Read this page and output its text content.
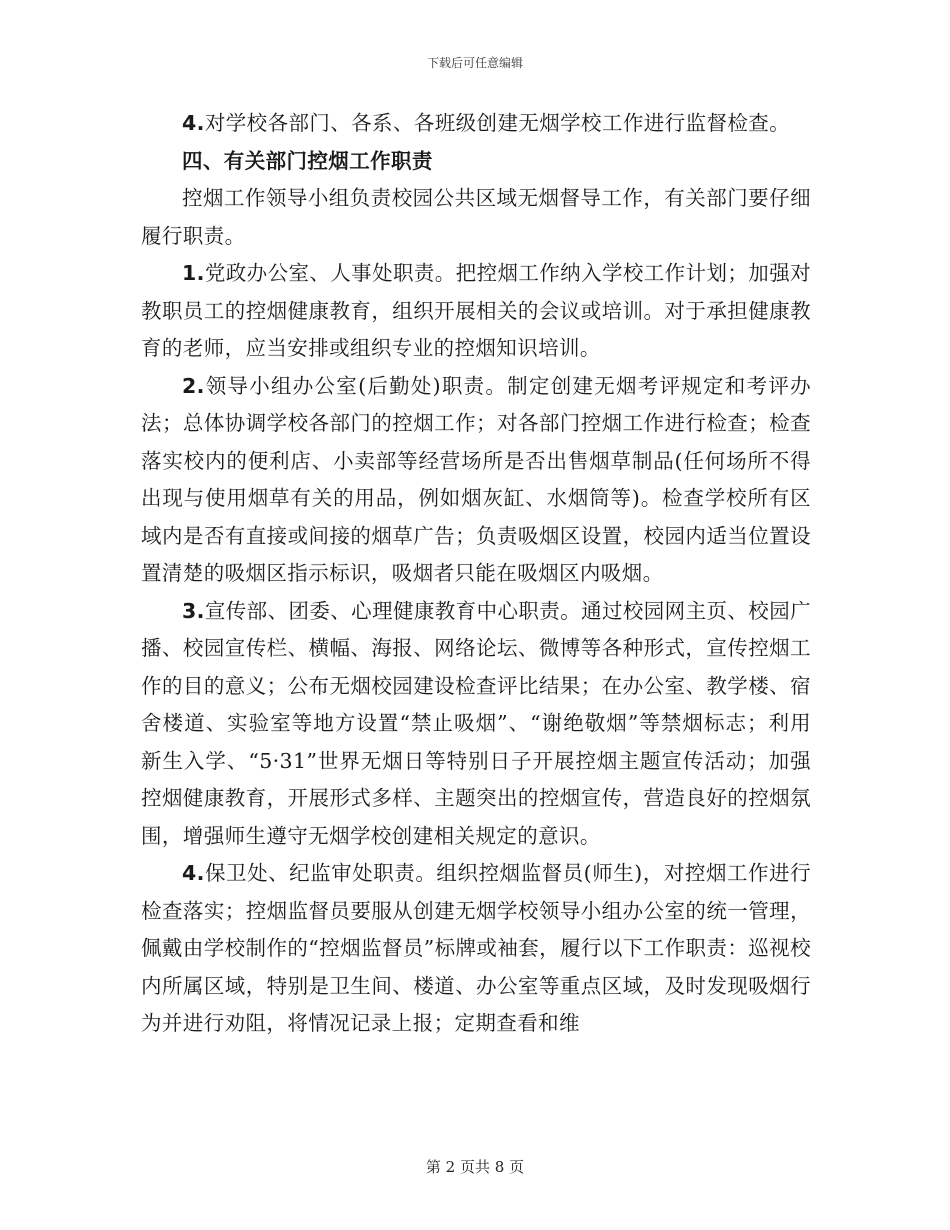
下载后可任意编辑

4.对学校各部门、各系、各班级创建无烟学校工作进行监督检查。

四、有关部门控烟工作职责

控烟工作领导小组负责校园公共区域无烟督导工作，有关部门要仔细履行职责。

1.党政办公室、人事处职责。把控烟工作纳入学校工作计划；加强对教职员工的控烟健康教育，组织开展相关的会议或培训。对于承担健康教育的老师，应当安排或组织专业的控烟知识培训。

2.领导小组办公室(后勤处)职责。制定创建无烟考评规定和考评办法；总体协调学校各部门的控烟工作；对各部门控烟工作进行检查；检查落实校内的便利店、小卖部等经营场所是否出售烟草制品(任何场所不得出现与使用烟草有关的用品，例如烟灰缸、水烟筒等)。检查学校所有区域内是否有直接或间接的烟草广告；负责吸烟区设置，校园内适当位置设置清楚的吸烟区指示标识，吸烟者只能在吸烟区内吸烟。

3.宣传部、团委、心理健康教育中心职责。通过校园网主页、校园广播、校园宣传栏、横幅、海报、网络论坛、微博等各种形式，宣传控烟工作的目的意义；公布无烟校园建设检查评比结果；在办公室、教学楼、宿舍楼道、实验室等地方设置“禁止吸烟”、“谢绝敬烟”等禁烟标志；利用新生入学、“5·31”世界无烟日等特别日子开展控烟主题宣传活动；加强控烟健康教育，开展形式多样、主题突出的控烟宣传，营造良好的控烟氛围，增强师生遵守无烟学校创建相关规定的意识。

4.保卫处、纪监审处职责。组织控烟监督员(师生)，对控烟工作进行检查落实；控烟监督员要服从创建无烟学校领导小组办公室的统一管理，佩戴由学校制作的“控烟监督员”标牌或袖套，履行以下工作职责：巡视校内所属区域，特别是卫生间、楼道、办公室等重点区域，及时发现吸烟行为并进行劝阻，将情况记录上报；定期查看和维

第 2 页共 8 页
